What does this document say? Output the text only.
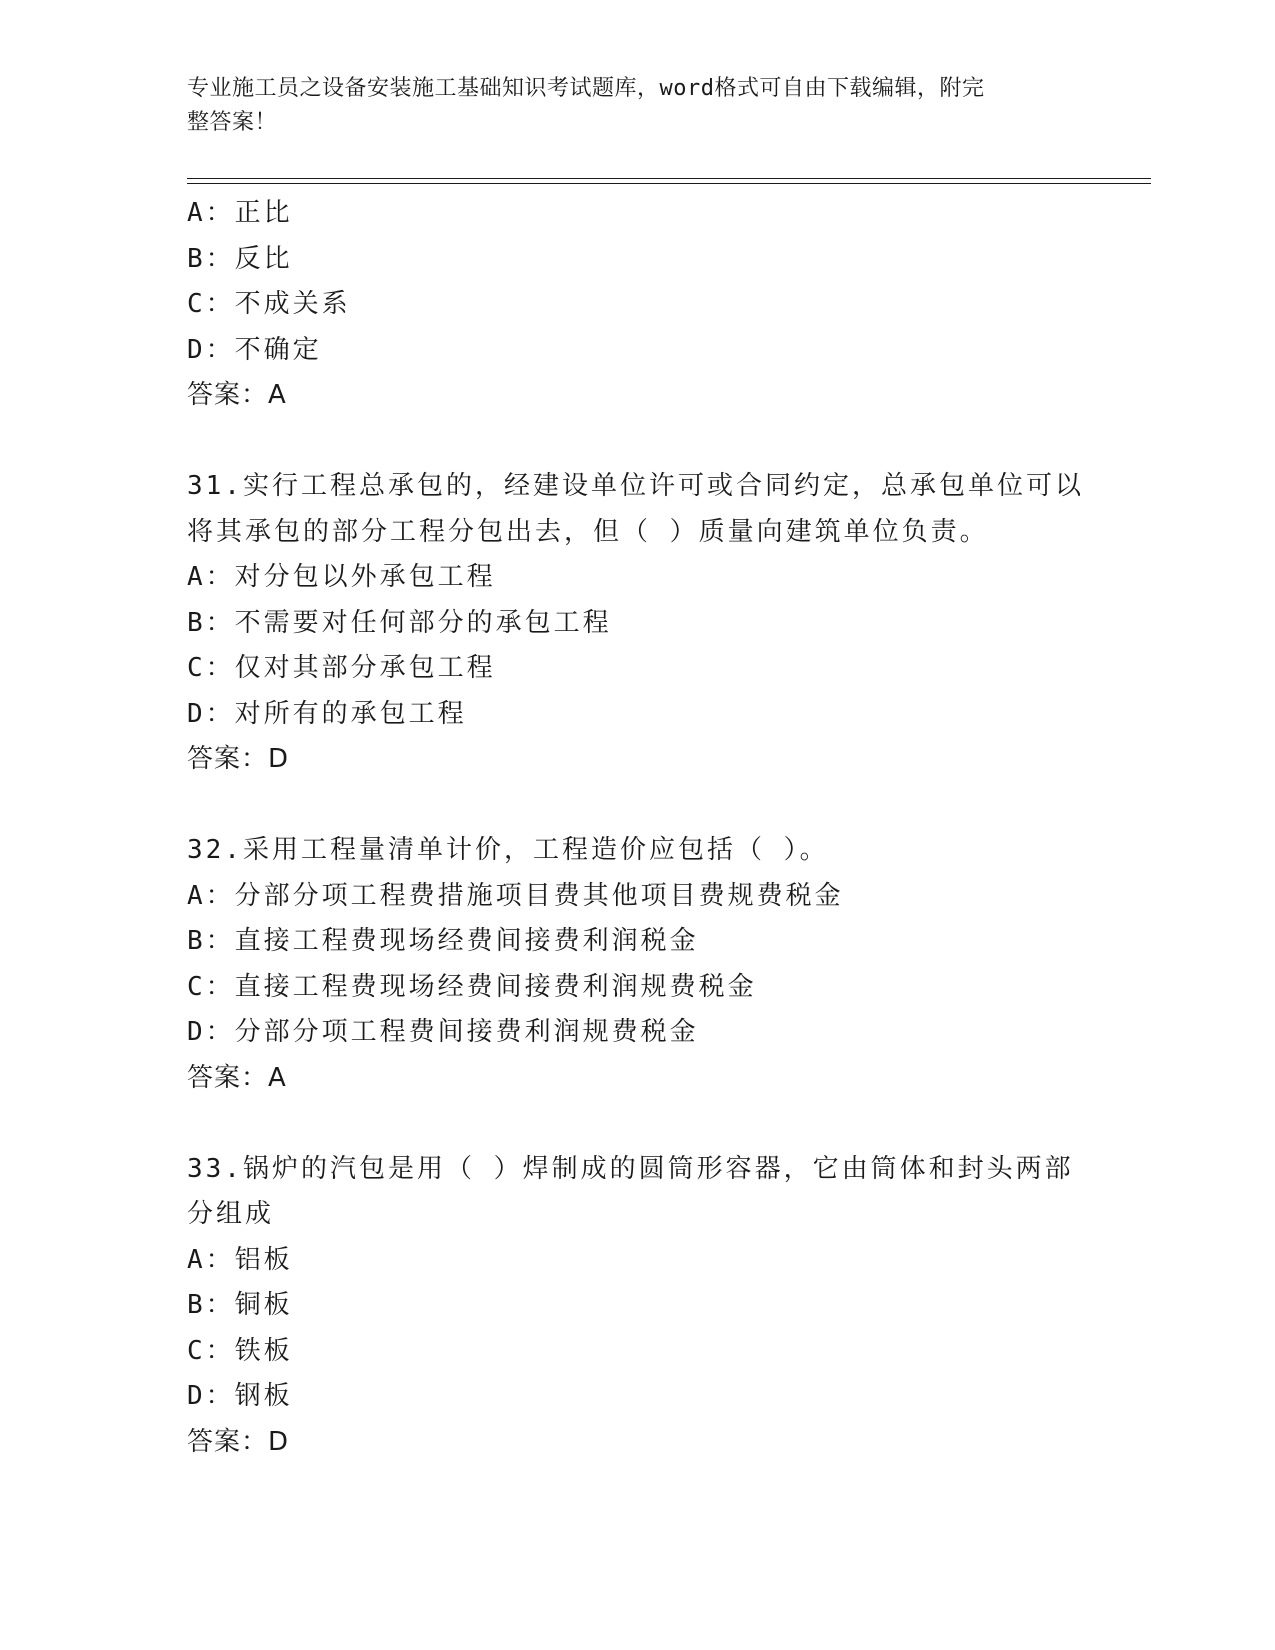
专业施工员之设备安装施工基础知识考试题库，word格式可自由下载编辑，附完
整答案！
A：正比
B：反比
C：不成关系
D：不确定
答案：A
31.实行工程总承包的，经建设单位许可或合同约定，总承包单位可以
将其承包的部分工程分包出去，但（ ）质量向建筑单位负责。
A：对分包以外承包工程
B：不需要对任何部分的承包工程
C：仅对其部分承包工程
D：对所有的承包工程
答案：D
32.采用工程量清单计价，工程造价应包括（ ）。
A：分部分项工程费措施项目费其他项目费规费税金
B：直接工程费现场经费间接费利润税金
C：直接工程费现场经费间接费利润规费税金
D：分部分项工程费间接费利润规费税金
答案：A
33.锅炉的汽包是用（ ）焊制成的圆筒形容器，它由筒体和封头两部
分组成
A：铝板
B：铜板
C：铁板
D：钢板
答案：D
